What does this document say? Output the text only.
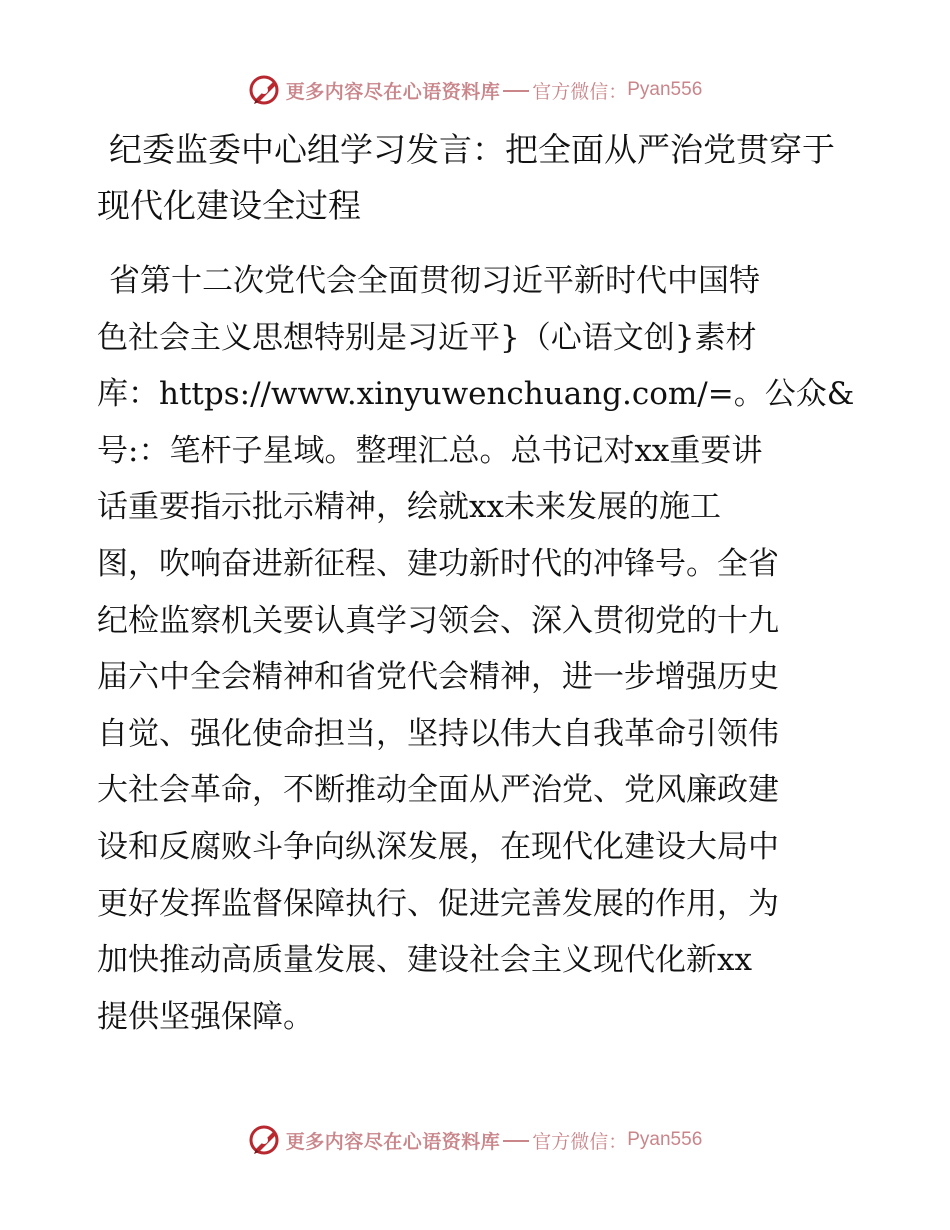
更多内容尽在心语资料库 官方微信： Pyan556
纪委监委中心组学习发言：把全面从严治党贯穿于现代化建设全过程
省第十二次党代会全面贯彻习近平新时代中国特
色社会主义思想特别是习近平}（心语文创}素材
库：https://www.xinyuwenchuang.com/=。公众&
号:：笔杆子星域。整理汇总。总书记对xx重要讲
话重要指示批示精神，绘就xx未来发展的施工
图，吹响奋进新征程、建功新时代的冲锋号。全省
纪检监察机关要认真学习领会、深入贯彻党的十九
届六中全会精神和省党代会精神，进一步增强历史
自觉、强化使命担当，坚持以伟大自我革命引领伟
大社会革命，不断推动全面从严治党、党风廉政建
设和反腐败斗争向纵深发展，在现代化建设大局中
更好发挥监督保障执行、促进完善发展的作用，为
加快推动高质量发展、建设社会主义现代化新xx
提供坚强保障。
更多内容尽在心语资料库 官方微信： Pyan556
